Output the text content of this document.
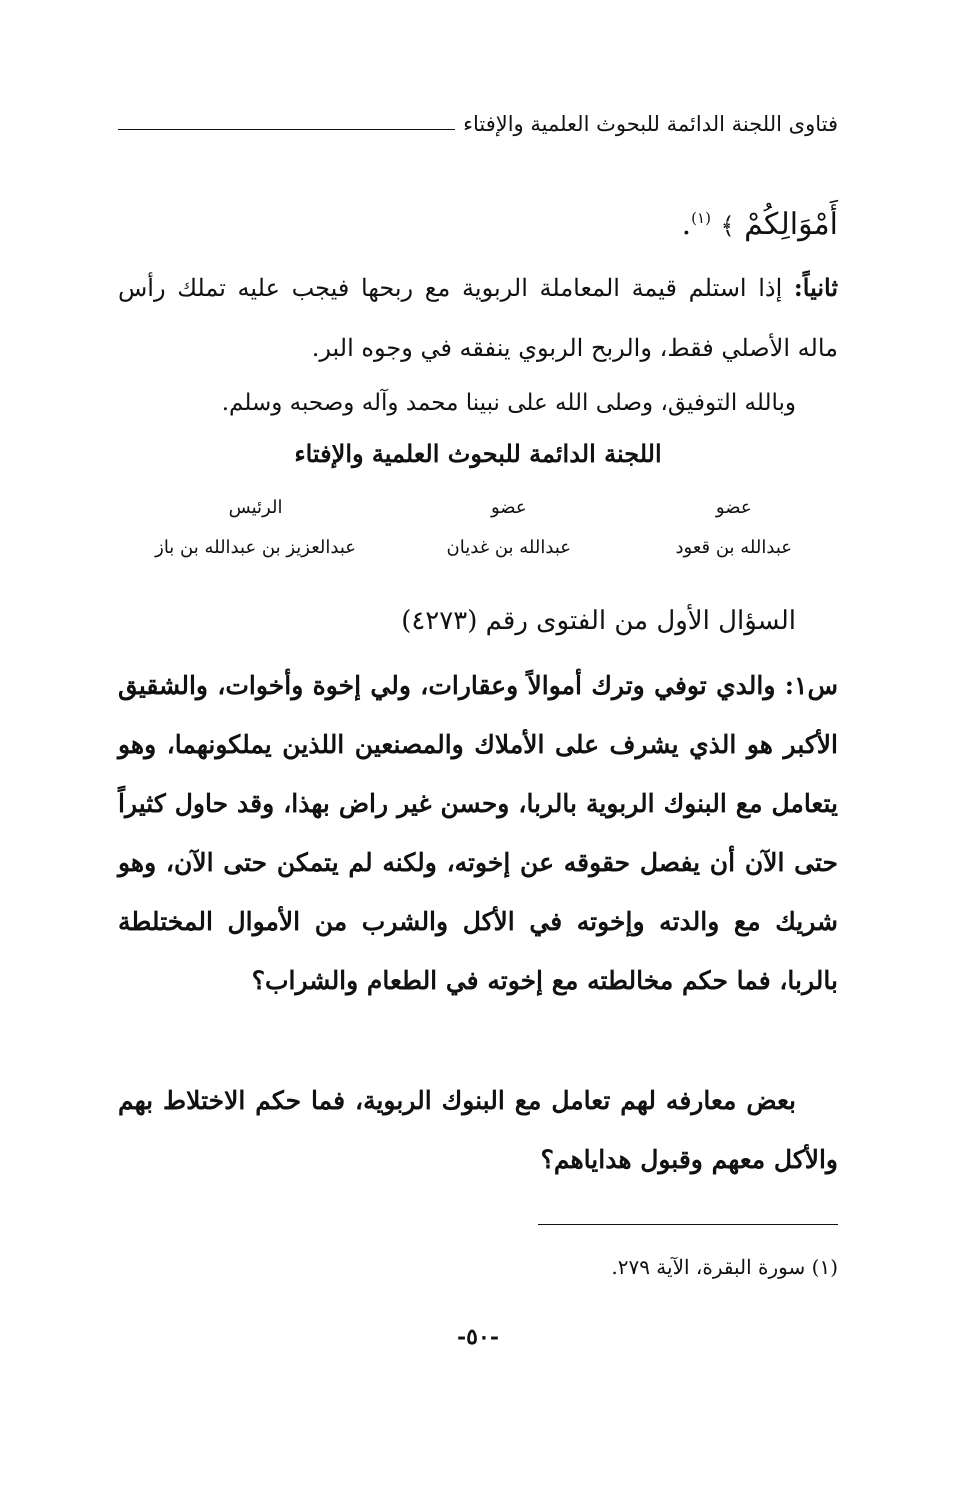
فتاوى اللجنة الدائمة للبحوث العلمية والإفتاء
أَمْوَالِكُمْ ﴾ $^{(١)}$.
ثانياً: إذا استلم قيمة المعاملة الربوية مع ربحها فيجب عليه تملك رأس ماله الأصلي فقط، والربح الربوي ينفقه في وجوه البر.
وبالله التوفيق، وصلى الله على نبينا محمد وآله وصحبه وسلم.
اللجنة الدائمة للبحوث العلمية والإفتاء
عضو
عبدالله بن قعود
عضو
عبدالله بن غديان
الرئيس
عبدالعزيز بن عبدالله بن باز
السؤال الأول من الفتوى رقم (٤٢٧٣)
س١: والدي توفي وترك أموالاً وعقارات، ولي إخوة وأخوات، والشقيق الأكبر هو الذي يشرف على الأملاك والمصنعين اللذين يملكونهما، وهو يتعامل مع البنوك الربوية بالربا، وحسن غير راض بهذا، وقد حاول كثيراً حتى الآن أن يفصل حقوقه عن إخوته، ولكنه لم يتمكن حتى الآن، وهو شريك مع والدته وإخوته في الأكل والشرب من الأموال المختلطة بالربا، فما حكم مخالطته مع إخوته في الطعام والشراب؟
بعض معارفه لهم تعامل مع البنوك الربوية، فما حكم الاختلاط بهم والأكل معهم وقبول هداياهم؟
(١) سورة البقرة، الآية ٢٧٩.
-٥٠-
